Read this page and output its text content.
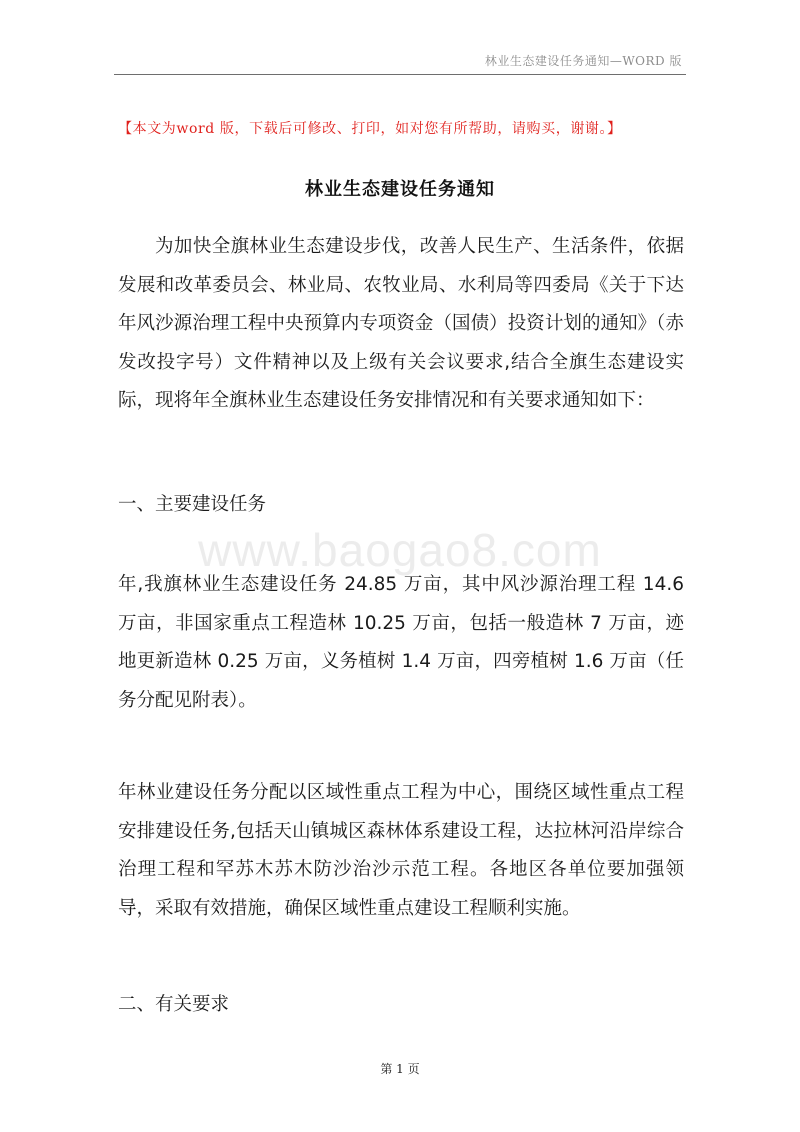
林业生态建设任务通知—WORD 版
【本文为word 版，下载后可修改、打印，如对您有所帮助，请购买，谢谢。】
林业生态建设任务通知
为加快全旗林业生态建设步伐，改善人民生产、生活条件，依据发展和改革委员会、林业局、农牧业局、水利局等四委局《关于下达年风沙源治理工程中央预算内专项资金（国债）投资计划的通知》（赤发改投字号）文件精神以及上级有关会议要求,结合全旗生态建设实际，现将年全旗林业生态建设任务安排情况和有关要求通知如下：
一、主要建设任务
www.baogao8.com
年,我旗林业生态建设任务 24.85 万亩，其中风沙源治理工程 14.6 万亩，非国家重点工程造林 10.25 万亩，包括一般造林 7 万亩，迹地更新造林 0.25 万亩，义务植树 1.4 万亩，四旁植树 1.6 万亩（任务分配见附表）。
年林业建设任务分配以区域性重点工程为中心，围绕区域性重点工程安排建设任务,包括天山镇城区森林体系建设工程，达拉林河沿岸综合治理工程和罕苏木苏木防沙治沙示范工程。各地区各单位要加强领导，采取有效措施，确保区域性重点建设工程顺利实施。
二、有关要求
第 1 页
